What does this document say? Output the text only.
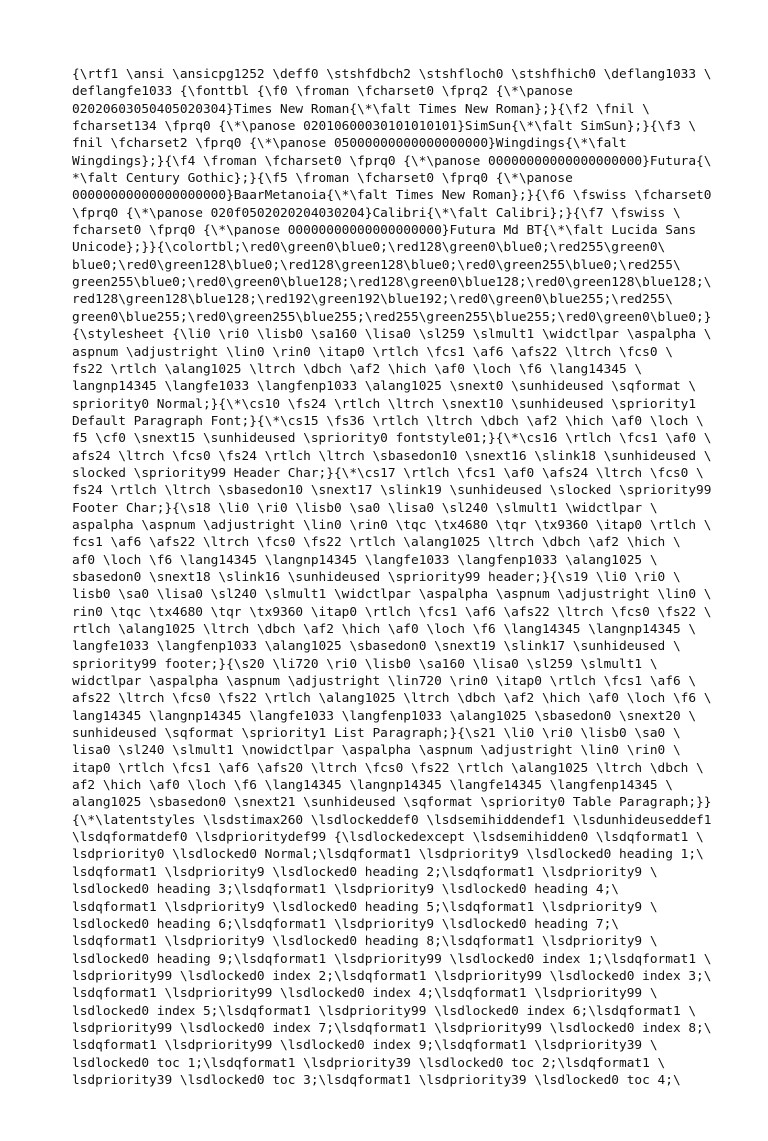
{\rtf1 \ansi \ansicpg1252 \deff0 \stshfdbch2 \stshfloch0 \stshfhich0 \deflang1033 \
deflangfe1033 {\fonttbl {\f0 \froman \fcharset0 \fprq2 {\*\panose
02020603050405020304}Times New Roman{\*\falt Times New Roman};}{\f2 \fnil \
fcharset134 \fprq0 {\*\panose 02010600030101010101}SimSun{\*\falt SimSun};}{\f3 \
fnil \fcharset2 \fprq0 {\*\panose 05000000000000000000}Wingdings{\*\falt
Wingdings};}{\f4 \froman \fcharset0 \fprq0 {\*\panose 00000000000000000000}Futura{\
*\falt Century Gothic};}{\f5 \froman \fcharset0 \fprq0 {\*\panose
00000000000000000000}BaarMetanoia{\*\falt Times New Roman};}{\f6 \fswiss \fcharset0
\fprq0 {\*\panose 020f0502020204030204}Calibri{\*\falt Calibri};}{\f7 \fswiss \
fcharset0 \fprq0 {\*\panose 00000000000000000000}Futura Md BT{\*\falt Lucida Sans
Unicode};}}{\colortbl;\red0\green0\blue0;\red128\green0\blue0;\red255\green0\
blue0;\red0\green128\blue0;\red128\green128\blue0;\red0\green255\blue0;\red255\
green255\blue0;\red0\green0\blue128;\red128\green0\blue128;\red0\green128\blue128;\
red128\green128\blue128;\red192\green192\blue192;\red0\green0\blue255;\red255\
green0\blue255;\red0\green255\blue255;\red255\green255\blue255;\red0\green0\blue0;}
{\stylesheet {\li0 \ri0 \lisb0 \sa160 \lisa0 \sl259 \slmult1 \widctlpar \aspalpha \
aspnum \adjustright \lin0 \rin0 \itap0 \rtlch \fcs1 \af6 \afs22 \ltrch \fcs0 \
fs22 \rtlch \alang1025 \ltrch \dbch \af2 \hich \af0 \loch \f6 \lang14345 \
langnp14345 \langfe1033 \langfenp1033 \alang1025 \snext0 \sunhideused \sqformat \
spriority0 Normal;}{\*\cs10 \fs24 \rtlch \ltrch \snext10 \sunhideused \spriority1
Default Paragraph Font;}{\*\cs15 \fs36 \rtlch \ltrch \dbch \af2 \hich \af0 \loch \
f5 \cf0 \snext15 \sunhideused \spriority0 fontstyle01;}{\*\cs16 \rtlch \fcs1 \af0 \
afs24 \ltrch \fcs0 \fs24 \rtlch \ltrch \sbasedon10 \snext16 \slink18 \sunhideused \
slocked \spriority99 Header Char;}{\*\cs17 \rtlch \fcs1 \af0 \afs24 \ltrch \fcs0 \
fs24 \rtlch \ltrch \sbasedon10 \snext17 \slink19 \sunhideused \slocked \spriority99
Footer Char;}{\s18 \li0 \ri0 \lisb0 \sa0 \lisa0 \sl240 \slmult1 \widctlpar \
aspalpha \aspnum \adjustright \lin0 \rin0 \tqc \tx4680 \tqr \tx9360 \itap0 \rtlch \
fcs1 \af6 \afs22 \ltrch \fcs0 \fs22 \rtlch \alang1025 \ltrch \dbch \af2 \hich \
af0 \loch \f6 \lang14345 \langnp14345 \langfe1033 \langfenp1033 \alang1025 \
sbasedon0 \snext18 \slink16 \sunhideused \spriority99 header;}{\s19 \li0 \ri0 \
lisb0 \sa0 \lisa0 \sl240 \slmult1 \widctlpar \aspalpha \aspnum \adjustright \lin0 \
rin0 \tqc \tx4680 \tqr \tx9360 \itap0 \rtlch \fcs1 \af6 \afs22 \ltrch \fcs0 \fs22 \
rtlch \alang1025 \ltrch \dbch \af2 \hich \af0 \loch \f6 \lang14345 \langnp14345 \
langfe1033 \langfenp1033 \alang1025 \sbasedon0 \snext19 \slink17 \sunhideused \
spriority99 footer;}{\s20 \li720 \ri0 \lisb0 \sa160 \lisa0 \sl259 \slmult1 \
widctlpar \aspalpha \aspnum \adjustright \lin720 \rin0 \itap0 \rtlch \fcs1 \af6 \
afs22 \ltrch \fcs0 \fs22 \rtlch \alang1025 \ltrch \dbch \af2 \hich \af0 \loch \f6 \
lang14345 \langnp14345 \langfe1033 \langfenp1033 \alang1025 \sbasedon0 \snext20 \
sunhideused \sqformat \spriority1 List Paragraph;}{\s21 \li0 \ri0 \lisb0 \sa0 \
lisa0 \sl240 \slmult1 \nowidctlpar \aspalpha \aspnum \adjustright \lin0 \rin0 \
itap0 \rtlch \fcs1 \af6 \afs20 \ltrch \fcs0 \fs22 \rtlch \alang1025 \ltrch \dbch \
af2 \hich \af0 \loch \f6 \lang14345 \langnp14345 \langfe14345 \langfenp14345 \
alang1025 \sbasedon0 \snext21 \sunhideused \sqformat \spriority0 Table Paragraph;}}
{\*\latentstyles \lsdstimax260 \lsdlockeddef0 \lsdsemihiddendef1 \lsdunhideuseddef1
\lsdqformatdef0 \lsdprioritydef99 {\lsdlockedexcept \lsdsemihidden0 \lsdqformat1 \
lsdpriority0 \lsdlocked0 Normal;\lsdqformat1 \lsdpriority9 \lsdlocked0 heading 1;\
lsdqformat1 \lsdpriority9 \lsdlocked0 heading 2;\lsdqformat1 \lsdpriority9 \
lsdlocked0 heading 3;\lsdqformat1 \lsdpriority9 \lsdlocked0 heading 4;\
lsdqformat1 \lsdpriority9 \lsdlocked0 heading 5;\lsdqformat1 \lsdpriority9 \
lsdlocked0 heading 6;\lsdqformat1 \lsdpriority9 \lsdlocked0 heading 7;\
lsdqformat1 \lsdpriority9 \lsdlocked0 heading 8;\lsdqformat1 \lsdpriority9 \
lsdlocked0 heading 9;\lsdqformat1 \lsdpriority99 \lsdlocked0 index 1;\lsdqformat1 \
lsdpriority99 \lsdlocked0 index 2;\lsdqformat1 \lsdpriority99 \lsdlocked0 index 3;\
lsdqformat1 \lsdpriority99 \lsdlocked0 index 4;\lsdqformat1 \lsdpriority99 \
lsdlocked0 index 5;\lsdqformat1 \lsdpriority99 \lsdlocked0 index 6;\lsdqformat1 \
lsdpriority99 \lsdlocked0 index 7;\lsdqformat1 \lsdpriority99 \lsdlocked0 index 8;\
lsdqformat1 \lsdpriority99 \lsdlocked0 index 9;\lsdqformat1 \lsdpriority39 \
lsdlocked0 toc 1;\lsdqformat1 \lsdpriority39 \lsdlocked0 toc 2;\lsdqformat1 \
lsdpriority39 \lsdlocked0 toc 3;\lsdqformat1 \lsdpriority39 \lsdlocked0 toc 4;\
